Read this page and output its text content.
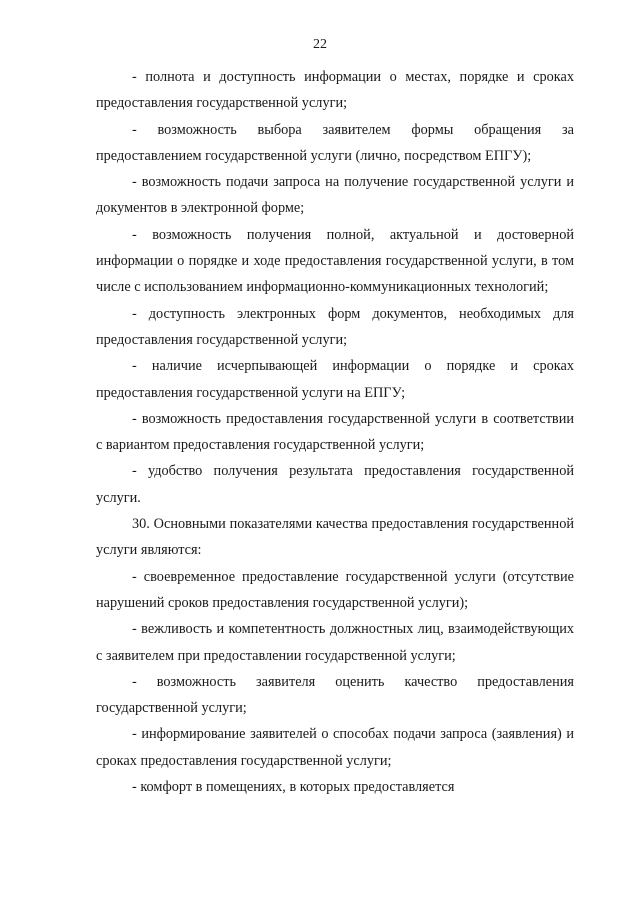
22

- полнота и доступность информации о местах, порядке и сроках предоставления государственной услуги;

- возможность выбора заявителем формы обращения за предоставлением государственной услуги (лично, посредством ЕПГУ);

- возможность подачи запроса на получение государственной услуги и документов в электронной форме;

- возможность получения полной, актуальной и достоверной информации о порядке и ходе предоставления государственной услуги, в том числе с использованием информационно-коммуникационных технологий;

- доступность электронных форм документов, необходимых для предоставления государственной услуги;

- наличие исчерпывающей информации о порядке и сроках предоставления государственной услуги на ЕПГУ;

- возможность предоставления государственной услуги в соответствии с вариантом предоставления государственной услуги;

- удобство получения результата предоставления государственной услуги.

30. Основными показателями качества предоставления государственной услуги являются:

- своевременное предоставление государственной услуги (отсутствие нарушений сроков предоставления государственной услуги);

- вежливость и компетентность должностных лиц, взаимодействующих с заявителем при предоставлении государственной услуги;

- возможность заявителя оценить качество предоставления государственной услуги;

- информирование заявителей о способах подачи запроса (заявления) и сроках предоставления государственной услуги;

- комфорт в помещениях, в которых предоставляется
